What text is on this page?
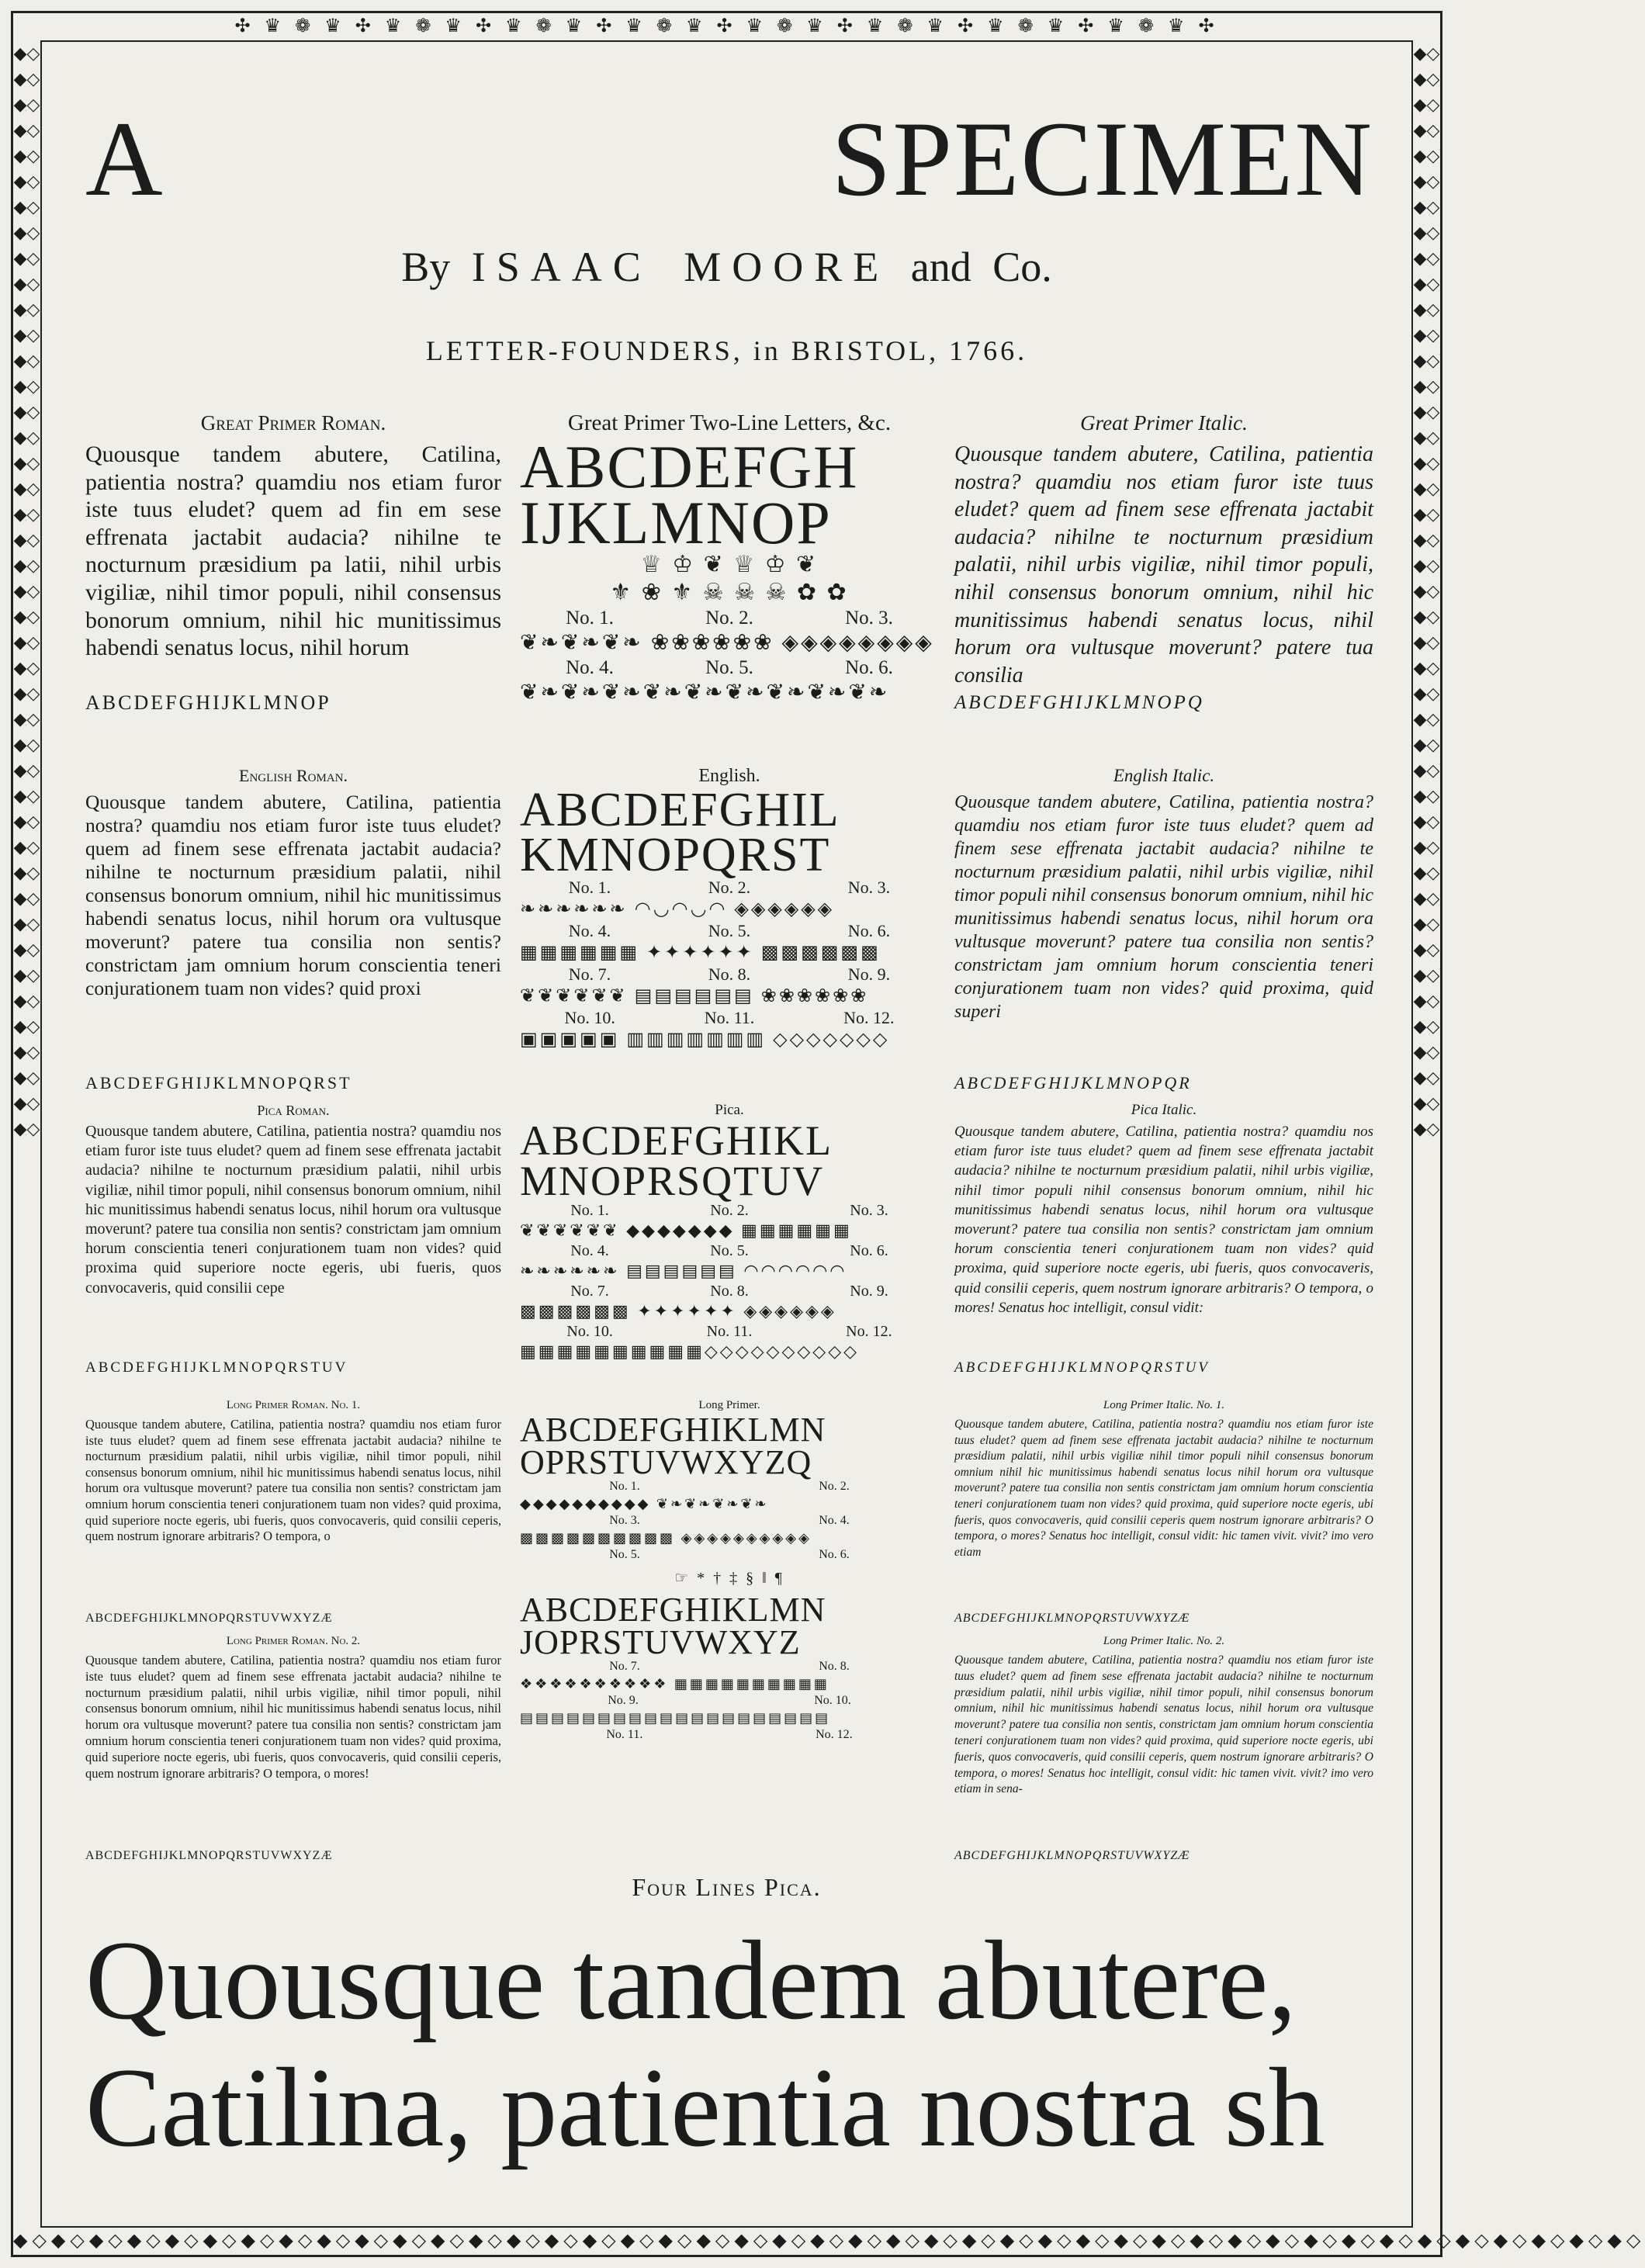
✣ ♛ ❁ ♛ ✣ ♛ ❁ ♛ ✣ ♛ ❁ ♛ ✣ ♛ ❁ ♛ ✣ ♛ ❁ ♛ ✣ ♛ ❁ ♛ ✣ ♛ ❁ ♛ ✣ ♛ ❁ ♛ ✣
◆◇◆◇◆◇◆◇◆◇◆◇◆◇◆◇◆◇◆◇◆◇◆◇◆◇◆◇◆◇◆◇◆◇◆◇◆◇◆◇◆◇◆◇◆◇◆◇◆◇◆◇◆◇◆◇◆◇◆◇◆◇◆◇◆◇◆◇◆◇◆◇◆◇◆◇◆◇◆◇◆◇◆◇◆◇
◆◇◆◇◆◇◆◇◆◇◆◇◆◇◆◇◆◇◆◇◆◇◆◇◆◇◆◇◆◇◆◇◆◇◆◇◆◇◆◇◆◇◆◇◆◇◆◇◆◇◆◇◆◇◆◇◆◇◆◇◆◇◆◇◆◇◆◇◆◇◆◇◆◇◆◇◆◇◆◇◆◇◆◇◆◇
◆◇◆◇◆◇◆◇◆◇◆◇◆◇◆◇◆◇◆◇◆◇◆◇◆◇◆◇◆◇◆◇◆◇◆◇◆◇◆◇◆◇◆◇◆◇◆◇◆◇◆◇◆◇◆◇◆◇◆◇◆◇◆◇◆◇◆◇◆◇◆◇◆◇◆◇◆◇◆◇◆◇◆◇◆◇
A SPECIMEN
By ISAAC MOORE and Co.
LETTER-FOUNDERS, in BRISTOL, 1766.
Great Primer Roman.
Quousque tandem abutere, Catilina, patientia nostra? quamdiu nos etiam furor iste tuus eludet? quem ad fin em sese effrenata jactabit audacia? nihilne te nocturnum præsidium pa latii, nihil urbis vigiliæ, nihil timor populi, nihil consensus bonorum omnium, nihil hic munitissimus habendi senatus locus, nihil horum
ABCDEFGHIJKLMNOP
English Roman.
Quousque tandem abutere, Catilina, patientia nostra? quamdiu nos etiam furor iste tuus eludet? quem ad finem sese effrenata jactabit audacia? nihilne te nocturnum præsidium palatii, nihil consensus bonorum omnium, nihil hic munitissimus habendi senatus locus, nihil horum ora vultusque moverunt? patere tua consilia non sentis? constrictam jam omnium horum conscientia teneri conjurationem tuam non vides? quid proxi
ABCDEFGHIJKLMNOPQRST
Pica Roman.
Quousque tandem abutere, Catilina, patientia nostra? quamdiu nos etiam furor iste tuus eludet? quem ad finem sese effrenata jactabit audacia? nihilne te nocturnum præsidium palatii, nihil urbis vigiliæ, nihil timor populi, nihil consensus bonorum omnium, nihil hic munitissimus habendi senatus locus, nihil horum ora vultusque moverunt? patere tua consilia non sentis? constrictam jam omnium horum conscientia teneri conjurationem tuam non vides? quid proxima quid superiore nocte egeris, ubi fueris, quos convocaveris, quid consilii cepe
ABCDEFGHIJKLMNOPQRSTUV
Long Primer Roman. No. 1.
Quousque tandem abutere, Catilina, patientia nostra? quamdiu nos etiam furor iste tuus eludet? quem ad finem sese effrenata jactabit audacia? nihilne te nocturnum præsidium palatii, nihil urbis vigiliæ, nihil timor populi, nihil consensus bonorum omnium, nihil hic munitissimus habendi senatus locus, nihil horum ora vultusque moverunt? patere tua consilia non sentis? constrictam jam omnium horum conscientia teneri conjurationem tuam non vides? quid proxima, quid superiore nocte egeris, ubi fueris, quos convocaveris, quid consilii ceperis, quem nostrum ignorare arbitraris? O tempora, o
ABCDEFGHIJKLMNOPQRSTUVWXYZÆ
Long Primer Roman. No. 2.
Quousque tandem abutere, Catilina, patientia nostra? quamdiu nos etiam furor iste tuus eludet? quem ad finem sese effrenata jactabit audacia? nihilne te nocturnum præsidium palatii, nihil urbis vigiliæ, nihil timor populi, nihil consensus bonorum omnium, nihil hic munitissimus habendi senatus locus, nihil horum ora vultusque moverunt? patere tua consilia non sentis? constrictam jam omnium horum conscientia teneri conjurationem tuam non vides? quid proxima, quid superiore nocte egeris, ubi fueris, quos convocaveris, quid consilii ceperis, quem nostrum ignorare arbitraris? O tempora, o mores!
ABCDEFGHIJKLMNOPQRSTUVWXYZÆ
Great Primer Two-Line Letters, &c.
ABCDEFGH
IJKLMNOP
♕ ♔ ❦ ♕ ♔ ❦
⚜ ❀ ⚜ ☠ ☠ ☠ ✿ ✿
No. 1.	No. 2.	No. 3.
❦❧❦❧❦❧ ❀❀❀❀❀❀ ◈◈◈◈◈◈◈◈
No. 4.	No. 5.	No. 6.
❦❧❦❧❦❧❦❧❦❧❦❧❦❧❦❧❦❧
English.
ABCDEFGHIL
KMNOPQRST
No. 1.	No. 2.	No. 3.
❧❧❧❧❧❧ ◠◡◠◡◠ ◈◈◈◈◈◈
No. 4.	No. 5.	No. 6.
▦▦▦▦▦▦ ✦✦✦✦✦✦ ▩▩▩▩▩▩
No. 7.	No. 8.	No. 9.
❦❦❦❦❦❦ ▤▤▤▤▤▤ ❀❀❀❀❀❀
No. 10.	No. 11.	No. 12.
▣▣▣▣▣ ▥▥▥▥▥▥▥ ◇◇◇◇◇◇◇
Pica.
ABCDEFGHIKL
MNOPRSQTUV
No. 1.	No. 2.	No. 3.
❦❦❦❦❦❦ ◆◆◆◆◆◆◆ ▦▦▦▦▦▦
No. 4.	No. 5.	No. 6.
❧❧❧❧❧❧ ▤▤▤▤▤▤ ◠◠◠◠◠◠
No. 7.	No. 8.	No. 9.
▩▩▩▩▩▩ ✦✦✦✦✦✦ ◈◈◈◈◈◈
No. 10.	No. 11.	No. 12.
▦▦▦▦▦▦▦▦▦▦◇◇◇◇◇◇◇◇◇◇
Long Primer.
ABCDEFGHIKLMN
OPRSTUVWXYZQ
No. 1.	No. 2.
◆◆◆◆◆◆◆◆◆◆ ❦❧❦❧❦❧❦❧
No. 3.	No. 4.
▩▩▩▩▩▩▩▩▩▩ ◈◈◈◈◈◈◈◈◈◈
No. 5.	No. 6.
☞ * † ‡ § ‖ ¶
ABCDEFGHIKLMN
JOPRSTUVWXYZ
No. 7.	No. 8.
❖❖❖❖❖❖❖❖❖❖ ▦▦▦▦▦▦▦▦▦▦
No. 9.	No. 10.
▤▤▤▤▤▤▤▤▤▤▤▤▤▤▤▤▤▤▤▤
No. 11.	No. 12.
Great Primer Italic.
Quousque tandem abutere, Catilina, patientia nostra? quamdiu nos etiam furor iste tuus eludet? quem ad finem sese effrenata jactabit audacia? nihilne te nocturnum præsidium palatii, nihil urbis vigiliæ, nihil timor populi, nihil consensus bonorum omnium, nihil hic munitissimus habendi senatus locus, nihil horum ora vultusque moverunt? patere tua consilia
ABCDEFGHIJKLMNOPQ
English Italic.
Quousque tandem abutere, Catilina, patientia nostra? quamdiu nos etiam furor iste tuus eludet? quem ad finem sese effrenata jactabit audacia? nihilne te nocturnum præsidium palatii, nihil urbis vigiliæ, nihil timor populi nihil consensus bonorum omnium, nihil hic munitissimus habendi senatus locus, nihil horum ora vultusque moverunt? patere tua consilia non sentis? constrictam jam omnium horum conscientia teneri conjurationem tuam non vides? quid proxima, quid superi
ABCDEFGHIJKLMNOPQR
Pica Italic.
Quousque tandem abutere, Catilina, patientia nostra? quamdiu nos etiam furor iste tuus eludet? quem ad finem sese effrenata jactabit audacia? nihilne te nocturnum præsidium palatii, nihil urbis vigiliæ, nihil timor populi nihil consensus bonorum omnium, nihil hic munitissimus habendi senatus locus, nihil horum ora vultusque moverunt? patere tua consilia non sentis? constrictam jam omnium horum conscientia teneri conjurationem tuam non vides? quid proxima, quid superiore nocte egeris, ubi fueris, quos convocaveris, quid consilii ceperis, quem nostrum ignorare arbitraris? O tempora, o mores! Senatus hoc intelligit, consul vidit:
ABCDEFGHIJKLMNOPQRSTUV
Long Primer Italic. No. 1.
Quousque tandem abutere, Catilina, patientia nostra? quamdiu nos etiam furor iste tuus eludet? quem ad finem sese effrenata jactabit audacia? nihilne te nocturnum præsidium palatii, nihil urbis vigiliæ nihil timor populi nihil consensus bonorum omnium nihil hic munitissimus habendi senatus locus nihil horum ora vultusque moverunt? patere tua consilia non sentis constrictam jam omnium horum conscientia teneri conjurationem tuam non vides? quid proxima, quid superiore nocte egeris, ubi fueris, quos convocaveris, quid consilii ceperis quem nostrum ignorare arbitraris? O tempora, o mores? Senatus hoc intelligit, consul vidit: hic tamen vivit. vivit? imo vero etiam
ABCDEFGHIJKLMNOPQRSTUVWXYZÆ
Long Primer Italic. No. 2.
Quousque tandem abutere, Catilina, patientia nostra? quamdiu nos etiam furor iste tuus eludet? quem ad finem sese effrenata jactabit audacia? nihilne te nocturnum præsidium palatii, nihil urbis vigiliæ, nihil timor populi, nihil consensus bonorum omnium, nihil hic munitissimus habendi senatus locus, nihil horum ora vultusque moverunt? patere tua consilia non sentis, constrictam jam omnium horum conscientia teneri conjurationem tuam non vides? quid proxima, quid superiore nocte egeris, ubi fueris, quos convocaveris, quid consilii ceperis, quem nostrum ignorare arbitraris? O tempora, o mores! Senatus hoc intelligit, consul vidit: hic tamen vivit. vivit? imo vero etiam in sena-
ABCDEFGHIJKLMNOPQRSTUVWXYZÆ
Four Lines Pica.
Quousque tandem abutere,
Catilina, patientia nostra sh
